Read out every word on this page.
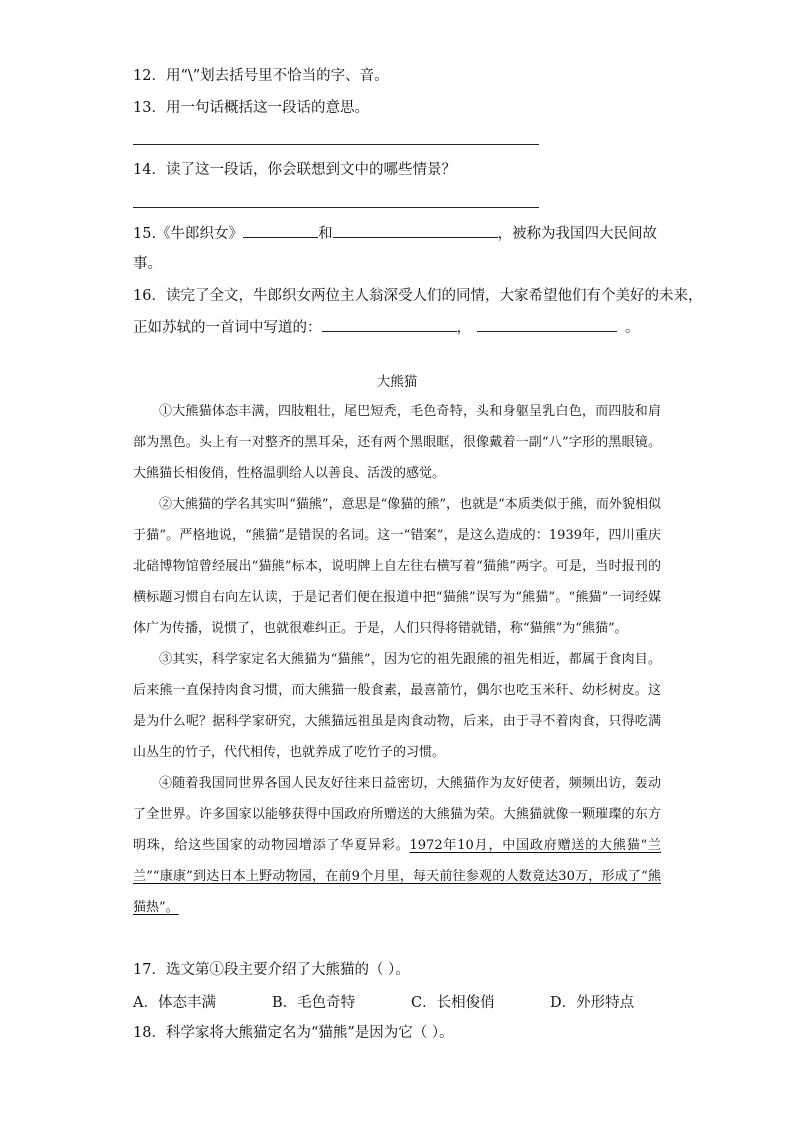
12．用“\”划去括号里不恰当的字、音。
13．用一句话概括这一段话的意思。
14．读了这一段话，你会联想到文中的哪些情景？
15.《牛郎织女》	和	，被称为我国四大民间故
事。
16．读完了全文，牛郎织女两位主人翁深受人们的同情，大家希望他们有个美好的未来，
正如苏轼的一首词中写道的：	，	。
大熊猫
①大熊猫体态丰满，四肢粗壮，尾巴短秃，毛色奇特，头和身躯呈乳白色，而四肢和肩部为黑色。头上有一对整齐的黑耳朵，还有两个黑眼眶，很像戴着一副“八”字形的黑眼镜。大熊猫长相俊俏，性格温驯给人以善良、活泼的感觉。
②大熊猫的学名其实叫“猫熊”，意思是“像猫的熊”，也就是“本质类似于熊，而外貌相似于猫”。严格地说，“熊猫”是错误的名词。这一“错案”，是这么造成的：1939年，四川重庆北碚博物馆曾经展出“猫熊”标本，说明牌上自左往右横写着“猫熊”两字。可是，当时报刊的横标题习惯自右向左认读，于是记者们便在报道中把“猫熊”误写为“熊猫”。“熊猫”一词经媒体广为传播，说惯了，也就很难纠正。于是，人们只得将错就错，称“猫熊”为“熊猫”。
③其实，科学家定名大熊猫为“猫熊”，因为它的祖先跟熊的祖先相近，都属于食肉目。后来熊一直保持肉食习惯，而大熊猫一般食素，最喜箭竹，偶尔也吃玉米秆、幼杉树皮。这是为什么呢？据科学家研究，大熊猫远祖虽是肉食动物，后来，由于寻不着肉食，只得吃满山丛生的竹子，代代相传，也就养成了吃竹子的习惯。
④随着我国同世界各国人民友好往来日益密切，大熊猫作为友好使者，频频出访，轰动了全世界。许多国家以能够获得中国政府所赠送的大熊猫为荣。大熊猫就像一颗璀璨的东方明珠，给这些国家的动物园增添了华夏异彩。1972年10月，中国政府赠送的大熊猫“兰兰”“康康”到达日本上野动物园，在前9个月里，每天前往参观的人数竟达30万，形成了“熊猫热”。
17．选文第①段主要介绍了大熊猫的（ ）。
A．体态丰满	B．毛色奇特	C．长相俊俏	D．外形特点
18．科学家将大熊猫定名为“猫熊”是因为它（ ）。
